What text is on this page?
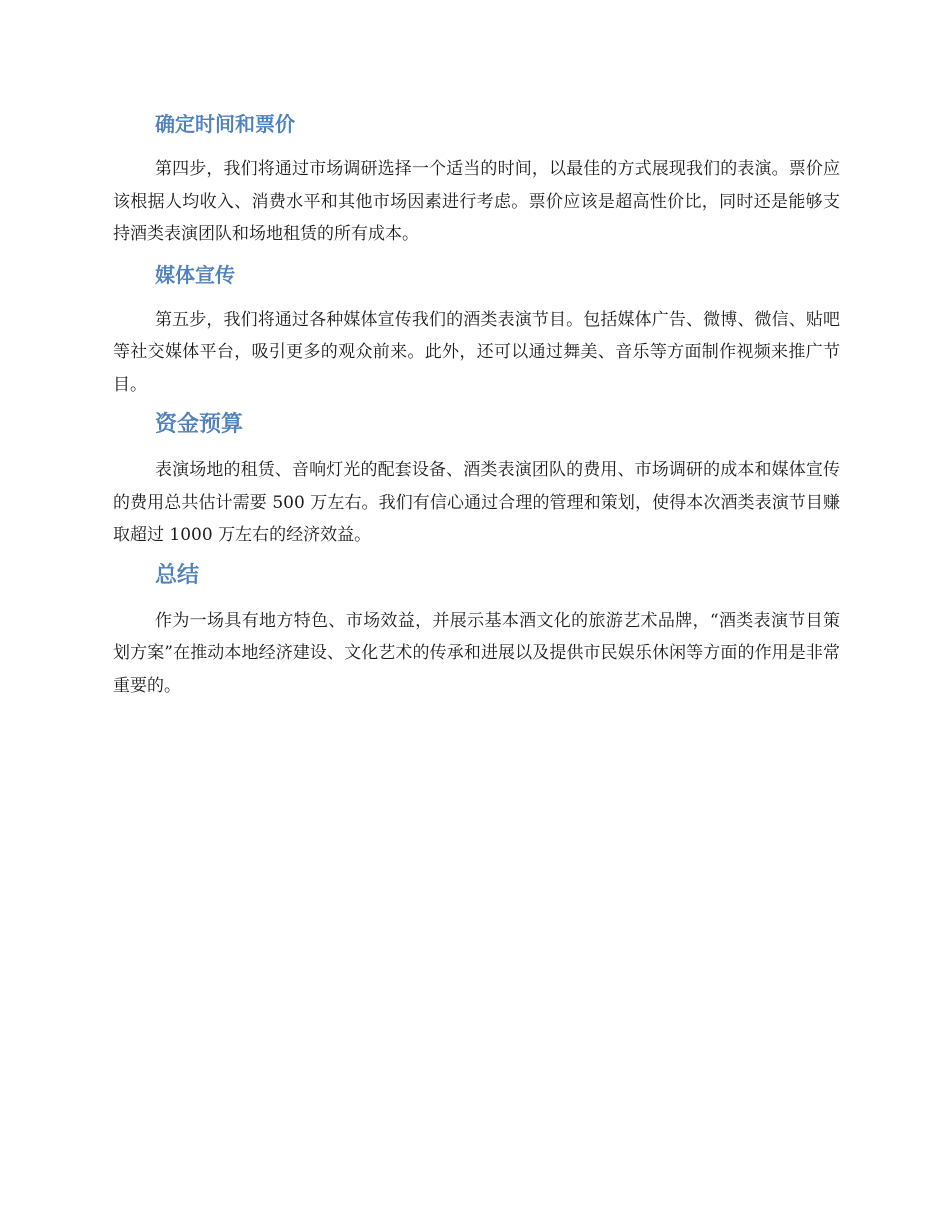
确定时间和票价

第四步，我们将通过市场调研选择一个适当的时间，以最佳的方式展现我们的表演。票价应该根据人均收入、消费水平和其他市场因素进行考虑。票价应该是超高性价比，同时还是能够支持酒类表演团队和场地租赁的所有成本。

媒体宣传

第五步，我们将通过各种媒体宣传我们的酒类表演节目。包括媒体广告、微博、微信、贴吧等社交媒体平台，吸引更多的观众前来。此外，还可以通过舞美、音乐等方面制作视频来推广节目。

资金预算

表演场地的租赁、音响灯光的配套设备、酒类表演团队的费用、市场调研的成本和媒体宣传的费用总共估计需要 500 万左右。我们有信心通过合理的管理和策划，使得本次酒类表演节目赚取超过 1000 万左右的经济效益。

总结

作为一场具有地方特色、市场效益，并展示基本酒文化的旅游艺术品牌，“酒类表演节目策划方案”在推动本地经济建设、文化艺术的传承和进展以及提供市民娱乐休闲等方面的作用是非常重要的。
